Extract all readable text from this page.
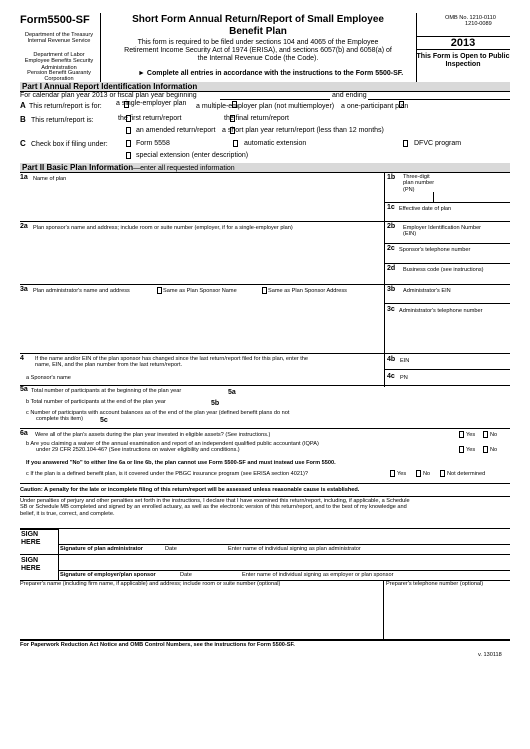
Form5500-SF
Department of the Treasury
Internal Revenue Service
Department of Labor
Employee Benefits Security Administration
Pension Benefit Guaranty Corporation
Short Form Annual Return/Report of Small Employee
Benefit Plan
This form is required to be filed under sections 104 and 4065 of the Employee
Retirement Income Security Act of 1974 (ERISA), and sections 6057(b) and 6058(a) of
the Internal Revenue Code (the Code).
► Complete all entries in accordance with the instructions to the Form 5500-SF.
OMB No. 1210-0110
1210-0089
2013
This Form is Open to Public
Inspection
Part I Annual Report Identification Information
For calendar plan year 2013 or fiscal plan year beginning	and ending
A This return/report is for: a single-employer plan a multiple-employer plan (not multiemployer) a one-participant plan
B This return/report is:	the first return/report	the final return/report
an amended return/report a short plan year return/report (less than 12 months)
C Check box if filing under:	Form 5558	automatic extension	DFVC program
special extension (enter description)
Part II Basic Plan Information—enter all requested information
1a Name of plan	1b Three-digit
plan number
(PN)
1c Effective date of plan
2a Plan sponsor's name and address; include room or suite number (employer, if for a single-employer plan)	2b Employer Identification Number
(EIN)
2c Sponsor's telephone number
2d Business code (see instructions)
3a Plan administrator's name and address	Same as Plan Sponsor Name	Same as Plan Sponsor Address	3b Administrator's EIN
3c Administrator's telephone number
4 If the name and/or EIN of the plan sponsor has changed since the last return/report filed for this plan, enter the
name, EIN, and the plan number from the last return/report.
a Sponsor's name
4b EIN
4c PN
5a Total number of participants at the beginning of the plan year	5a
b Total number of participants at the end of the plan year	5b
c Number of participants with account balances as of the end of the plan year (defined benefit plans do not
complete this item)	5c
6a Were all of the plan's assets during the plan year invested in eligible assets? (See instructions.)	Yes	No
b Are you claiming a waiver of the annual examination and report of an independent qualified public accountant (IQPA)
under 29 CFR 2520.104-46? (See instructions on waiver eligibility and conditions.)	Yes	No
If you answered "No" to either line 6a or line 6b, the plan cannot use Form 5500-SF and must instead use Form 5500.
c If the plan is a defined benefit plan, is it covered under the PBGC insurance program (see ERISA section 4021)?	Yes	No	Not determined
Caution: A penalty for the late or incomplete filing of this return/report will be assessed unless reasonable cause is established.
Under penalties of perjury and other penalties set forth in the instructions, I declare that I have examined this return/report, including, if applicable, a Schedule
SB or Schedule MB completed and signed by an enrolled actuary, as well as the electronic version of this return/report, and to the best of my knowledge and
belief, it is true, correct, and complete.
SIGN
HERE
Signature of plan administrator	Date	Enter name of individual signing as plan administrator
SIGN
HERE
Signature of employer/plan sponsor	Date	Enter name of individual signing as employer or plan sponsor
Preparer's name (including firm name, if applicable) and address; include room or suite number (optional)	Preparer's telephone number (optional)
For Paperwork Reduction Act Notice and OMB Control Numbers, see the instructions for Form 5500-SF.
v. 130118
